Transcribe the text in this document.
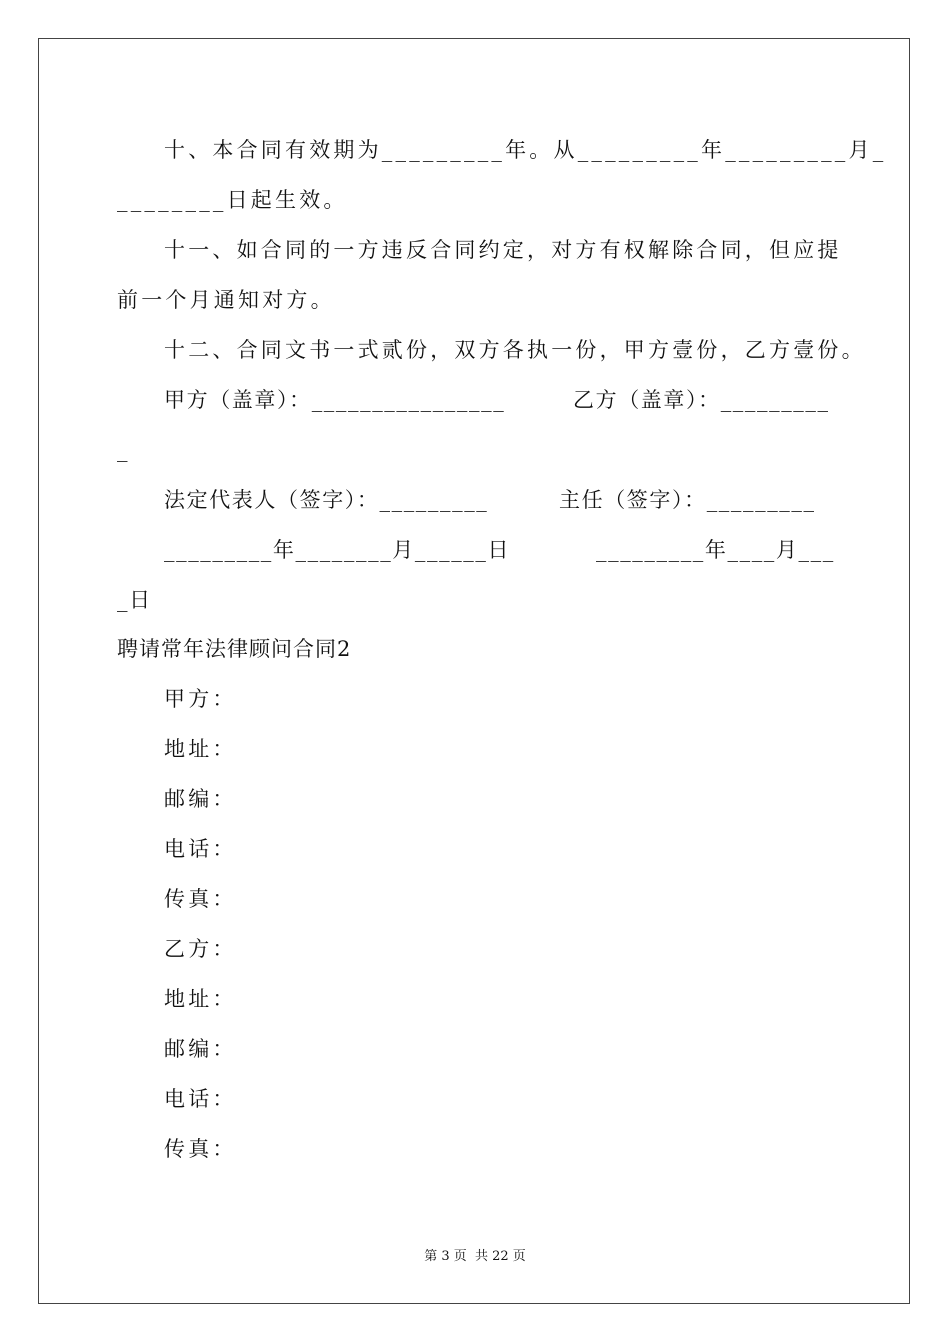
十、本合同有效期为_________年。从_________年_________月_
________日起生效。
十一、如合同的一方违反合同约定，对方有权解除合同，但应提
前一个月通知对方。
十二、合同文书一式贰份，双方各执一份，甲方壹份，乙方壹份。
甲方（盖章）：________________	乙方（盖章）：_________
_
法定代表人（签字）：_________	主任（签字）：_________
_________年________月______日	_________年____月___
_日
聘请常年法律顾问合同2
甲方：
地址：
邮编：
电话：
传真：
乙方：
地址：
邮编：
电话：
传真：
第 3 页 共 22 页
